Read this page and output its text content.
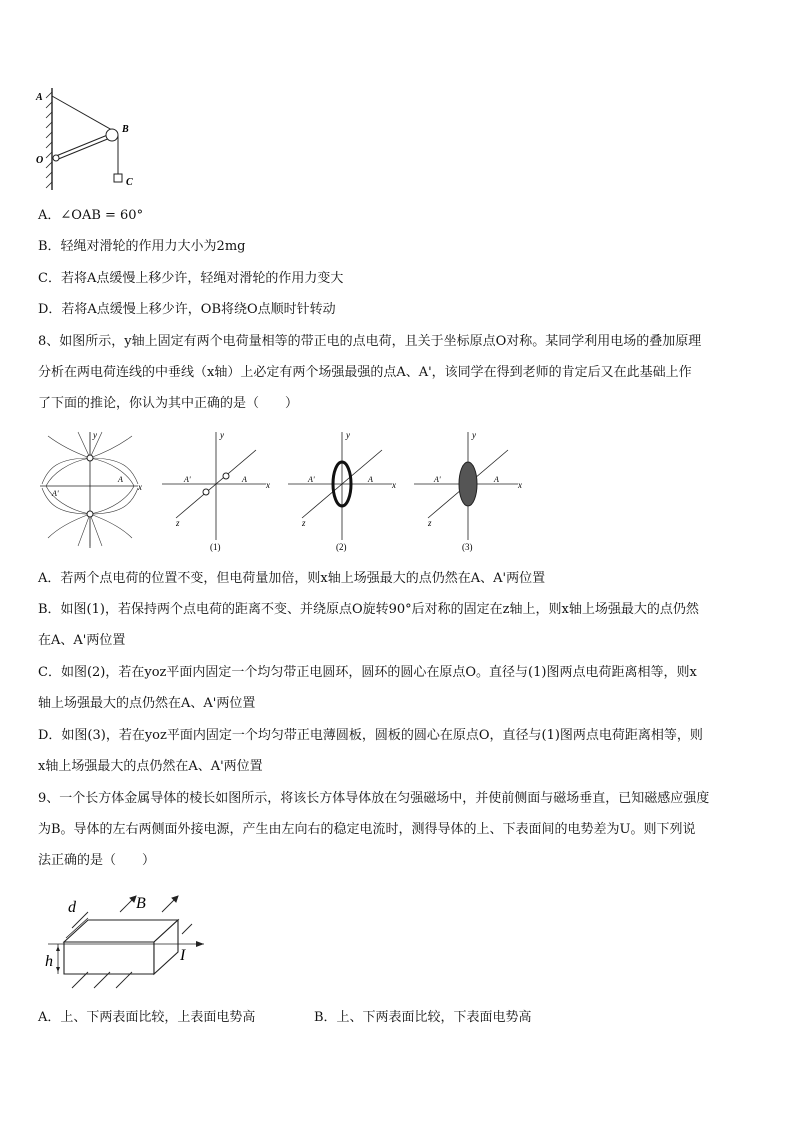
A
B
O
C
A．∠OAB = 60°
B．轻绳对滑轮的作用力大小为2mg
C．若将A点缓慢上移少许，轻绳对滑轮的作用力变大
D．若将A点缓慢上移少许，OB将绕O点顺时针转动
8、如图所示，y轴上固定有两个电荷量相等的带正电的点电荷，且关于坐标原点O对称。某同学利用电场的叠加原理
分析在两电荷连线的中垂线（x轴）上必定有两个场强最强的点A、A'，该同学在得到老师的肯定后又在此基础上作
了下面的推论，你认为其中正确的是（　　）
y
x
A
A'
y
x
z
A
A'
(1)
y
x
z
A
A'
(2)
y
x
z
A
A'
(3)
A．若两个点电荷的位置不变，但电荷量加倍，则x轴上场强最大的点仍然在A、A'两位置
B．如图(1)，若保持两个点电荷的距离不变、并绕原点O旋转90°后对称的固定在z轴上，则x轴上场强最大的点仍然
在A、A'两位置
C．如图(2)，若在yoz平面内固定一个均匀带正电圆环，圆环的圆心在原点O。直径与(1)图两点电荷距离相等，则x
轴上场强最大的点仍然在A、A'两位置
D．如图(3)，若在yoz平面内固定一个均匀带正电薄圆板，圆板的圆心在原点O，直径与(1)图两点电荷距离相等，则
x轴上场强最大的点仍然在A、A'两位置
9、一个长方体金属导体的棱长如图所示，将该长方体导体放在匀强磁场中，并使前侧面与磁场垂直，已知磁感应强度
为B。导体的左右两侧面外接电源，产生由左向右的稳定电流时，测得导体的上、下表面间的电势差为U。则下列说
法正确的是（　　）
d	B
h	I
A．上、下两表面比较，上表面电势高	B．上、下两表面比较，下表面电势高
